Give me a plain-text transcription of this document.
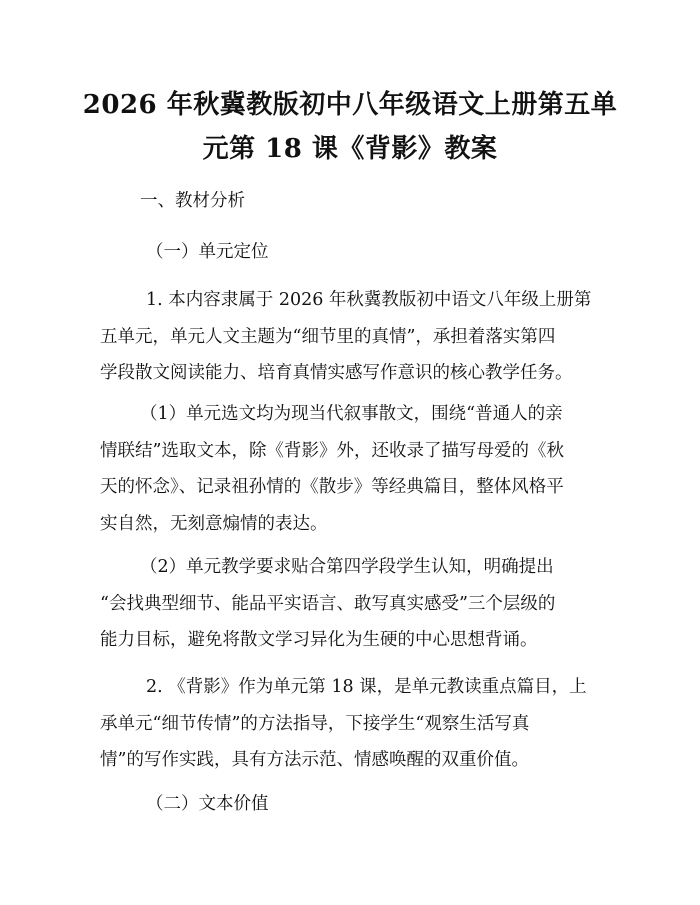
2026 年秋冀教版初中八年级语文上册第五单
元第 18 课《背影》教案
一、教材分析
（一）单元定位
1. 本内容隶属于 2026 年秋冀教版初中语文八年级上册第
五单元，单元人文主题为“细节里的真情”，承担着落实第四
学段散文阅读能力、培育真情实感写作意识的核心教学任务。
（1）单元选文均为现当代叙事散文，围绕“普通人的亲
情联结”选取文本，除《背影》外，还收录了描写母爱的《秋
天的怀念》、记录祖孙情的《散步》等经典篇目，整体风格平
实自然，无刻意煽情的表达。
（2）单元教学要求贴合第四学段学生认知，明确提出
“会找典型细节、能品平实语言、敢写真实感受”三个层级的
能力目标，避免将散文学习异化为生硬的中心思想背诵。
2. 《背影》作为单元第 18 课，是单元教读重点篇目，上
承单元“细节传情”的方法指导，下接学生“观察生活写真
情”的写作实践，具有方法示范、情感唤醒的双重价值。
（二）文本价值
